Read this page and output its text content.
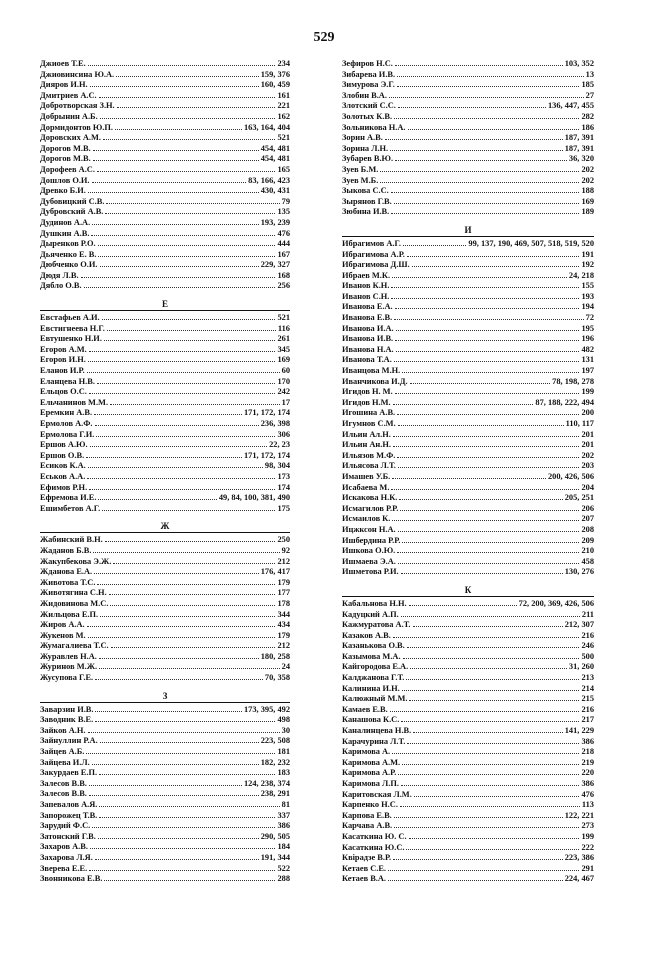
529
Джиоев Т.Е.	234
Джиовинсина Ю.А.	159, 376
Дияров И.Н.	160, 459
Дмитриев А.С.	161
Добротворская З.Н.	221
Добрынин А.Б.	162
Дормидонтов Ю.П.	163, 164, 404
Доровских А.М.	521
Дорогов М.В.	454, 481
Дорогов М.В.	454, 481
Дорофеев А.С.	165
Дошлов О.И.	83, 166, 423
Древко Б.И.	430, 431
Дубовицкий С.В.	79
Дубровский А.В.	135
Дудинов А.А.	193, 239
Душкин А.В.	476
Дыренков Р.О.	444
Дьяченко Е. В.	167
Дюбченко О.И.	229, 327
Дюдя Л.В.	168
Дябло О.В.	256
Е
Евстафьев А.И.	521
Евстигнеева Н.Г.	116
Евтушенко Н.И.	261
Егоров А.М.	345
Егоров И.Н.	169
Еланов И.Р.	60
Еланцева Н.В.	170
Ельцов О.С.	242
Ельчанинов М.М.	17
Еремкин А.В.	171, 172, 174
Ермолов А.Ф.	236, 398
Ермолова Г.И.	306
Ершов А.Ю.	22, 23
Ершов О.В.	171, 172, 174
Есиков К.А.	98, 304
Еськов А.А.	173
Ефимов Р.Н.	174
Ефремова И.Е.	49, 84, 100, 381, 490
Ешимбетов А.Г.	175
Ж
Жабинский В.Н.	250
Жаданов Б.В.	92
Жакупбекова Э.Ж.	212
Жданова Е.А.	176, 417
Животова Т.С.	179
Животягина С.Н.	177
Жидовинова М.С.	178
Жильцова Е.П.	344
Жиров А.А.	434
Жукенов М.	179
Жумагалиева Т.С.	212
Журавлев Н.А.	180, 258
Журинов М.Ж.	24
Жусупова Г.Е.	70, 358
З
Заварзин И.В.	173, 395, 492
Заводник В.Е.	498
Зайков А.Н.	30
Зайнуллин Р.А.	223, 508
Зайцев А.Б.	181
Зайцева И.Л.	182, 232
Закурдаев Е.П.	183
Залесов В.В.	124, 238, 374
Залесов В.В.	238, 291
Запевалов А.Я.	81
Запорожец Т.В.	337
Зарудий Ф.С.	386
Затонский Г.В.	290, 505
Захаров А.В.	184
Захарова Л.Я.	191, 344
Зверева Е.Е.	522
Звонникова Е.В.	288
Зефиров Н.С.	103, 352
Зибарева И.В.	13
Зимурова Э.Г.	185
Злобин В.А.	27
Злотский С.С.	136, 447, 455
Золотых К.В.	282
Зольникова Н.А.	186
Зорин А.В.	187, 391
Зорина Л.Н.	187, 391
Зубарев В.Ю.	36, 320
Зуев Б.М.	202
Зуев М.Б.	202
Зыкова С.С.	188
Зырянов Г.В.	169
Зюбина И.В.	189
И
Ибрагимов А.Г.	99, 137, 190, 469, 507, 518, 519, 520
Ибрагимова А.Р.	191
Ибрагимова Д.Ш.	192
Ибраев М.К.	24, 218
Иванов К.Н.	155
Иванов С.Н.	193
Иванова Е.А.	194
Иванова Е.В.	72
Иванова И.А.	195
Иванова И.В.	196
Иванова Н.А.	482
Иванова Т.А.	131
Иванцова М.Н.	197
Иванчикова И.Д.	78, 198, 278
Игидов Н. М.	199
Игидов Н.М.	87, 188, 222, 494
Игошина А.В.	200
Игумнов С.М.	110, 117
Ильин Ал.Н.	201
Ильин Ан.Н.	201
Ильязов М.Ф.	202
Ильясова Л.Т.	203
Имашев У.Б.	200, 426, 506
Исабаева М.	204
Искакова Н.К.	205, 251
Исмагилов Р.Р.	206
Исмаилов К.	207
Ицжксон Н.А.	208
Ишбердина Р.Р.	209
Ишкова О.Ю.	210
Ишмаева Э.А.	458
Ишметова Р.И.	130, 276
К
Кабальнова Н.Н.	72, 200, 369, 426, 506
Кадуцкий А.П.	211
Кажмуратова А.Т.	212, 307
Казаков А.В.	216
Казанькова О.В.	246
Казымова М.А.	500
Кайгородова Е.А.	31, 260
Калджанова Г.Т.	213
Калинина И.Н.	214
Калюжный М.М.	215
Камаев Е.В.	216
Канашова К.С.	217
Каналинцева Н.В.	141, 229
Карачурина Л.Т.	386
Каримова А.	218
Каримова А.М.	219
Каримова А.Р.	220
Каримова Л.П.	386
Каритовская Л.М.	476
Карпенко Н.С.	113
Карпова Е.В.	122, 221
Карчава А.В.	273
Касаткина Ю. С.	199
Касаткина Ю.С.	222
Квірадзе В.Р.	223, 386
Кетаев С.Е.	291
Кетаев В.А.	224, 467
